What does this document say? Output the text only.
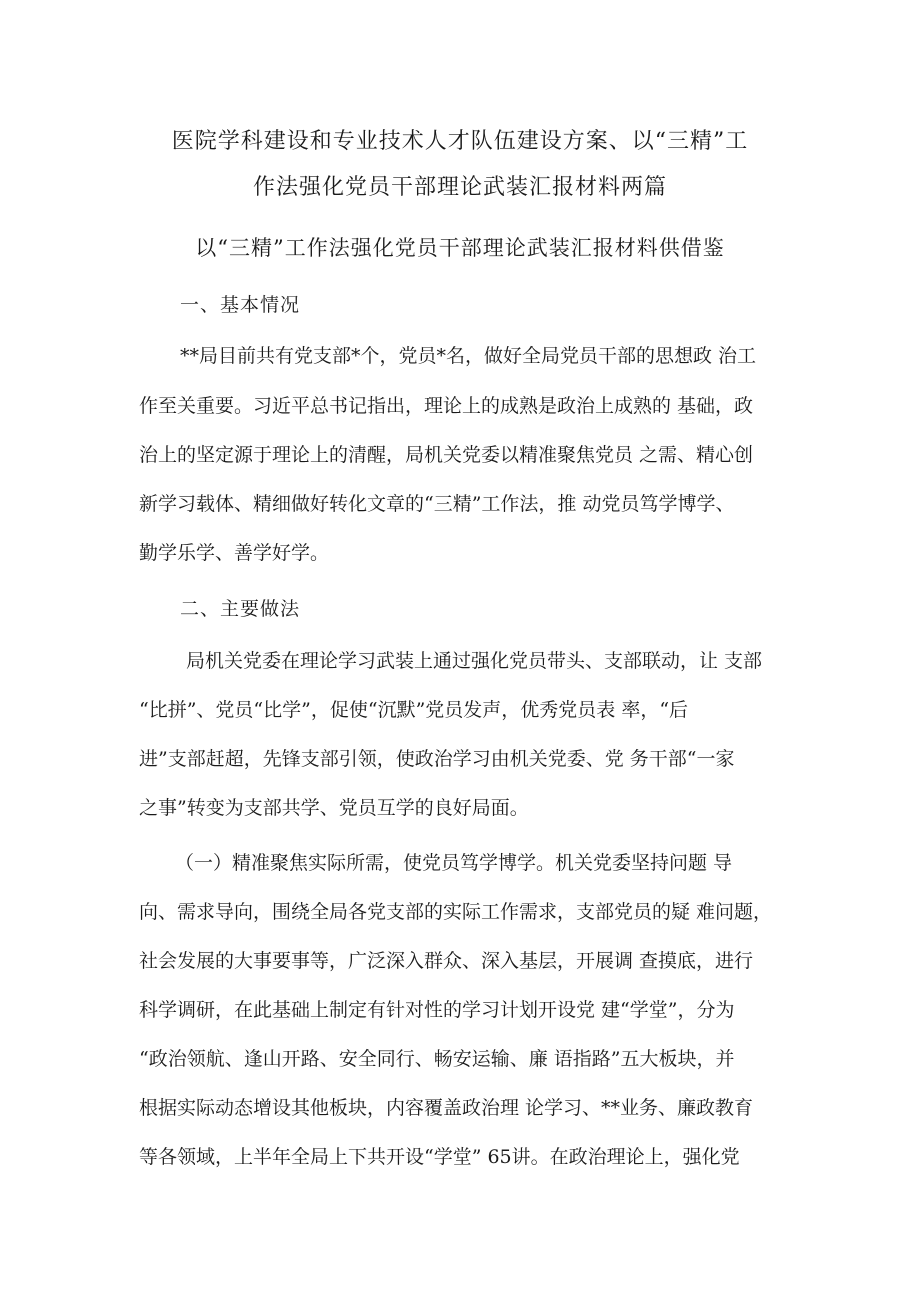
医院学科建设和专业技术人才队伍建设方案、以“三精”工
作法强化党员干部理论武装汇报材料两篇
以“三精”工作法强化党员干部理论武装汇报材料供借鉴
一、基本情况
**局目前共有党支部*个，党员*名，做好全局党员干部的思想政 治工
作至关重要。习近平总书记指出，理论上的成熟是政治上成熟的 基础，政
治上的坚定源于理论上的清醒，局机关党委以精准聚焦党员 之需、精心创
新学习载体、精细做好转化文章的“三精”工作法，推 动党员笃学博学、
勤学乐学、善学好学。
二、主要做法
局机关党委在理论学习武装上通过强化党员带头、支部联动，让 支部
“比拼”、党员“比学”，促使“沉默”党员发声，优秀党员表 率，“后
进”支部赶超，先锋支部引领，使政治学习由机关党委、党 务干部“一家
之事”转变为支部共学、党员互学的良好局面。
（一）精准聚焦实际所需，使党员笃学博学。机关党委坚持问题 导
向、需求导向，围绕全局各党支部的实际工作需求，支部党员的疑 难问题，
社会发展的大事要事等，广泛深入群众、深入基层，开展调 查摸底，进行
科学调研，在此基础上制定有针对性的学习计划开设党 建“学堂”，分为
“政治领航、逢山开路、安全同行、畅安运输、廉 语指路”五大板块，并
根据实际动态增设其他板块，内容覆盖政治理 论学习、**业务、廉政教育
等各领域，上半年全局上下共开设“学堂” 65讲。在政治理论上，强化党
